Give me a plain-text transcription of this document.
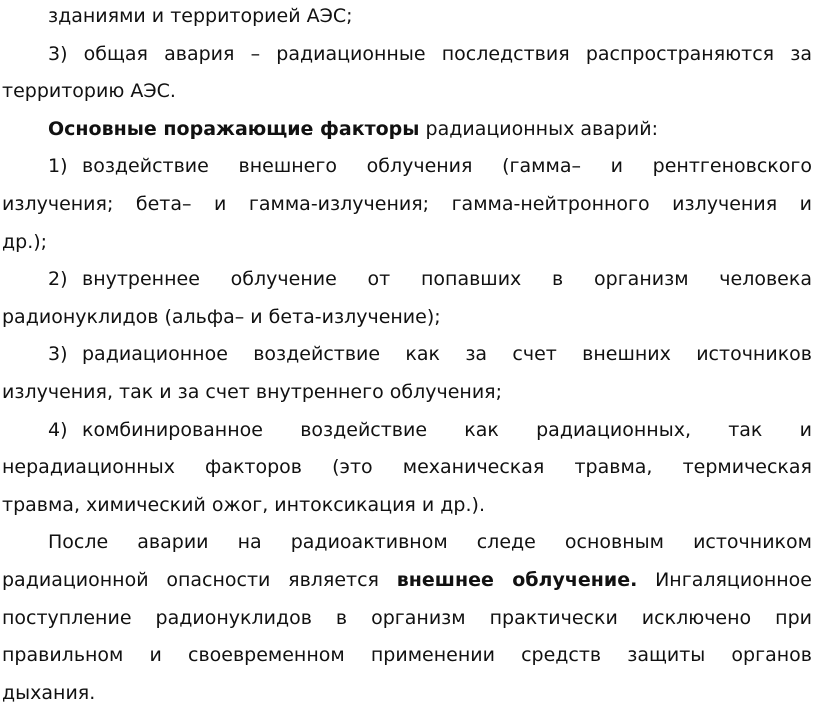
зданиями и территорией АЭС;
3) общая авария – радиационные последствия распространяются за
территорию АЭС.
Основные поражающие факторы радиационных аварий:
1) воздействие внешнего облучения (гамма– и рентгеновского
излучения; бета– и гамма-излучения; гамма-нейтронного излучения и
др.);
2) внутреннее облучение от попавших в организм человека
радионуклидов (альфа– и бета-излучение);
3) радиационное воздействие как за счет внешних источников
излучения, так и за счет внутреннего облучения;
4) комбинированное воздействие как радиационных, так и
нерадиационных факторов (это механическая травма, термическая
травма, химический ожог, интоксикация и др.).
После аварии на радиоактивном следе основным источником
радиационной опасности является внешнее облучение. Ингаляционное
поступление радионуклидов в организм практически исключено при
правильном и своевременном применении средств защиты органов
дыхания.
